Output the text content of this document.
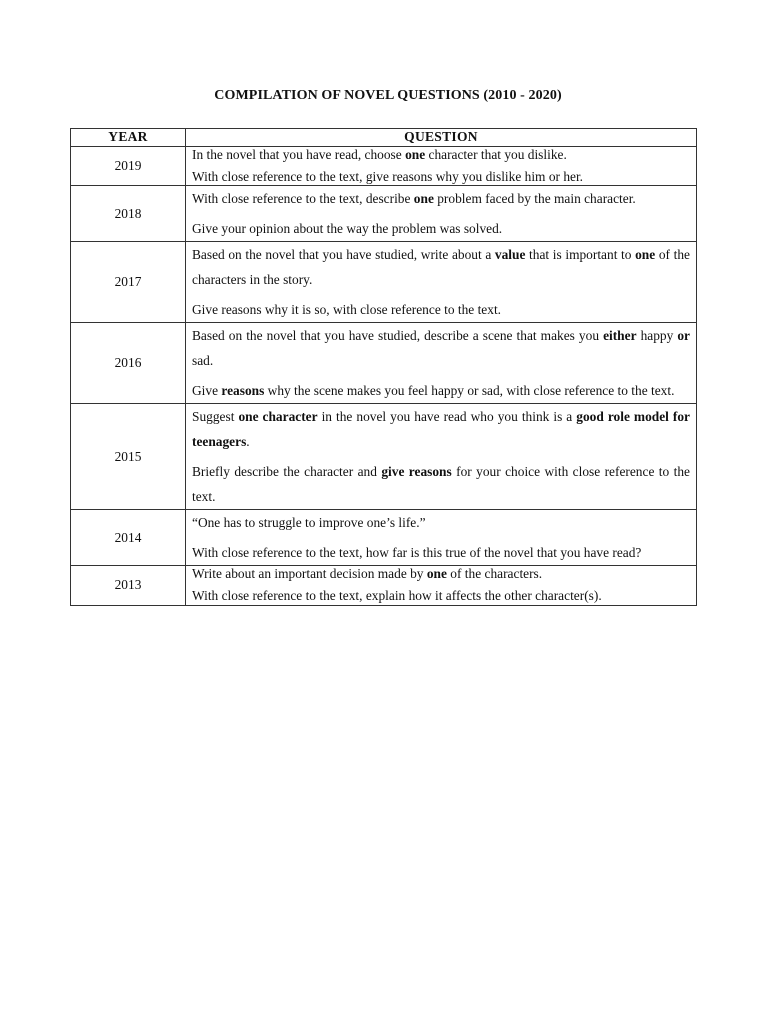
COMPILATION OF NOVEL QUESTIONS (2010 - 2020)
YEAR	QUESTION
2019	In the novel that you have read, choose one character that you dislike.

With close reference to the text, give reasons why you dislike him or her.

2018	With close reference to the text, describe one problem faced by the main character.

Give your opinion about the way the problem was solved.

2017	Based on the novel that you have studied, write about a value that is important to one of the characters in the story.

Give reasons why it is so, with close reference to the text.

2016	Based on the novel that you have studied, describe a scene that makes you either happy or sad.

Give reasons why the scene makes you feel happy or sad, with close reference to the text.

2015	Suggest one character in the novel you have read who you think is a good role model for teenagers.

Briefly describe the character and give reasons for your choice with close reference to the text.

2014	“One has to struggle to improve one’s life.”

With close reference to the text, how far is this true of the novel that you have read?

2013	Write about an important decision made by one of the characters.

With close reference to the text, explain how it affects the other character(s).
